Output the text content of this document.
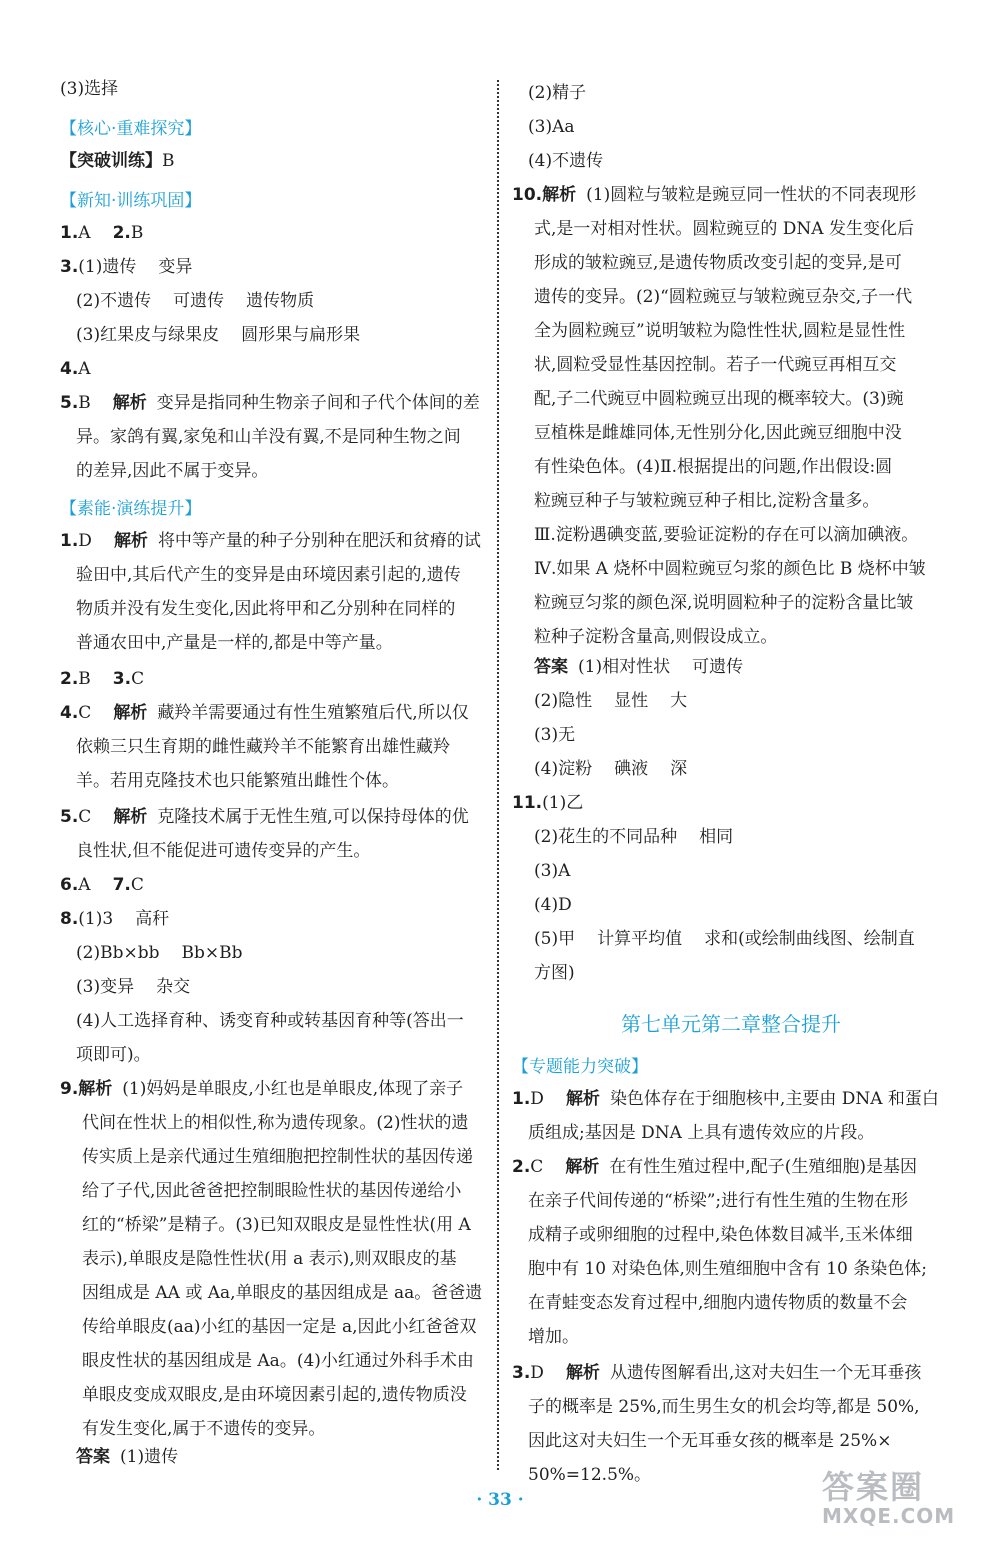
(3)选择
【核心·重难探究】
【突破训练】B
【新知·训练巩固】
1.A 2.B
3.(1)遗传 变异
(2)不遗传 可遗传 遗传物质
(3)红果皮与绿果皮 圆形果与扁形果
4.A
5.B 解析 变异是指同种生物亲子间和子代个体间的差
异。家鸽有翼,家兔和山羊没有翼,不是同种生物之间
的差异,因此不属于变异。
【素能·演练提升】
1.D 解析 将中等产量的种子分别种在肥沃和贫瘠的试
验田中,其后代产生的变异是由环境因素引起的,遗传
物质并没有发生变化,因此将甲和乙分别种在同样的
普通农田中,产量是一样的,都是中等产量。
2.B 3.C
4.C 解析 藏羚羊需要通过有性生殖繁殖后代,所以仅
依赖三只生育期的雌性藏羚羊不能繁育出雄性藏羚
羊。若用克隆技术也只能繁殖出雌性个体。
5.C 解析 克隆技术属于无性生殖,可以保持母体的优
良性状,但不能促进可遗传变异的产生。
6.A 7.C
8.(1)3 高秆
(2)Bb×bb Bb×Bb
(3)变异 杂交
(4)人工选择育种、诱变育种或转基因育种等(答出一
项即可)。
9.解析 (1)妈妈是单眼皮,小红也是单眼皮,体现了亲子
代间在性状上的相似性,称为遗传现象。(2)性状的遗
传实质上是亲代通过生殖细胞把控制性状的基因传递
给了子代,因此爸爸把控制眼睑性状的基因传递给小
红的“桥梁”是精子。(3)已知双眼皮是显性性状(用 A
表示),单眼皮是隐性性状(用 a 表示),则双眼皮的基
因组成是 AA 或 Aa,单眼皮的基因组成是 aa。爸爸遗
传给单眼皮(aa)小红的基因一定是 a,因此小红爸爸双
眼皮性状的基因组成是 Aa。(4)小红通过外科手术由
单眼皮变成双眼皮,是由环境因素引起的,遗传物质没
有发生变化,属于不遗传的变异。
答案 (1)遗传
(2)精子
(3)Aa
(4)不遗传
10.解析 (1)圆粒与皱粒是豌豆同一性状的不同表现形
式,是一对相对性状。圆粒豌豆的 DNA 发生变化后
形成的皱粒豌豆,是遗传物质改变引起的变异,是可
遗传的变异。(2)“圆粒豌豆与皱粒豌豆杂交,子一代
全为圆粒豌豆”说明皱粒为隐性性状,圆粒是显性性
状,圆粒受显性基因控制。若子一代豌豆再相互交
配,子二代豌豆中圆粒豌豆出现的概率较大。(3)豌
豆植株是雌雄同体,无性别分化,因此豌豆细胞中没
有性染色体。(4)Ⅱ.根据提出的问题,作出假设:圆
粒豌豆种子与皱粒豌豆种子相比,淀粉含量多。
Ⅲ.淀粉遇碘变蓝,要验证淀粉的存在可以滴加碘液。
Ⅳ.如果 A 烧杯中圆粒豌豆匀浆的颜色比 B 烧杯中皱
粒豌豆匀浆的颜色深,说明圆粒种子的淀粉含量比皱
粒种子淀粉含量高,则假设成立。
答案 (1)相对性状 可遗传
(2)隐性 显性 大
(3)无
(4)淀粉 碘液 深
11.(1)乙
(2)花生的不同品种 相同
(3)A
(4)D
(5)甲 计算平均值 求和(或绘制曲线图、绘制直
方图)
【专题能力突破】
1.D 解析 染色体存在于细胞核中,主要由 DNA 和蛋白
质组成;基因是 DNA 上具有遗传效应的片段。
2.C 解析 在有性生殖过程中,配子(生殖细胞)是基因
在亲子代间传递的“桥梁”;进行有性生殖的生物在形
成精子或卵细胞的过程中,染色体数目减半,玉米体细
胞中有 10 对染色体,则生殖细胞中含有 10 条染色体;
在青蛙变态发育过程中,细胞内遗传物质的数量不会
增加。
3.D 解析 从遗传图解看出,这对夫妇生一个无耳垂孩
子的概率是 25%,而生男生女的机会均等,都是 50%,
因此这对夫妇生一个无耳垂女孩的概率是 25%×
50%=12.5%。
第七单元第二章整合提升
· 33 ·	答案圈
MXQE.COM
